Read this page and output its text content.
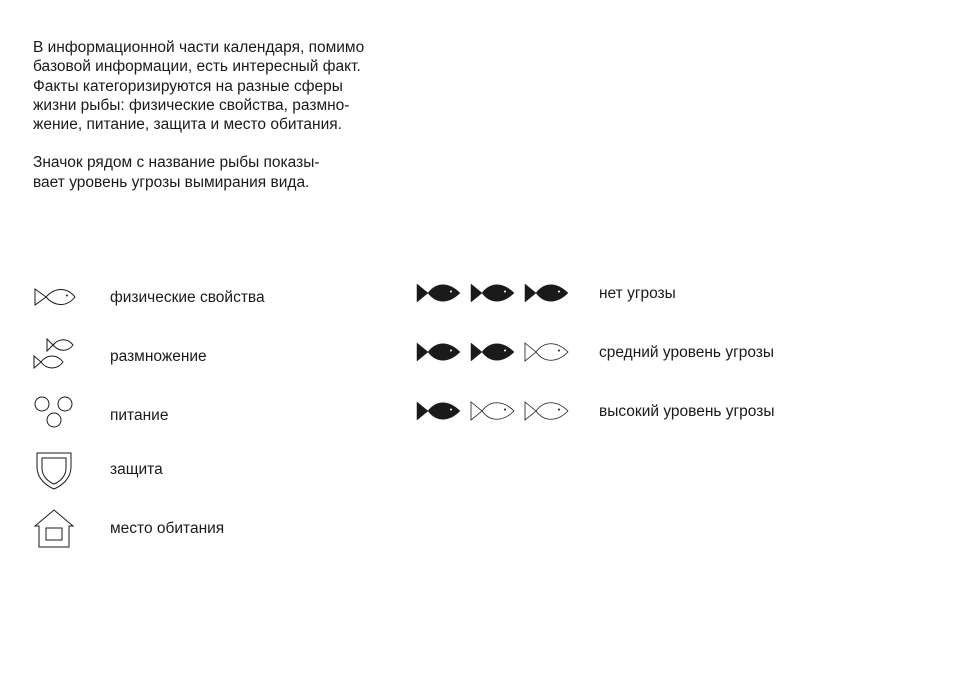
В информационной части календаря, помимо
базовой информации, есть интересный факт.
Факты категоризируются на разные сферы
жизни рыбы: физические свойства, размно-
жение, питание, защита и место обитания.

Значок рядом с название рыбы показы-
вает уровень угрозы вымирания вида.

физические свойства
размножение
питание
защита
место обитания
нет угрозы
средний уровень угрозы
высокий уровень угрозы
